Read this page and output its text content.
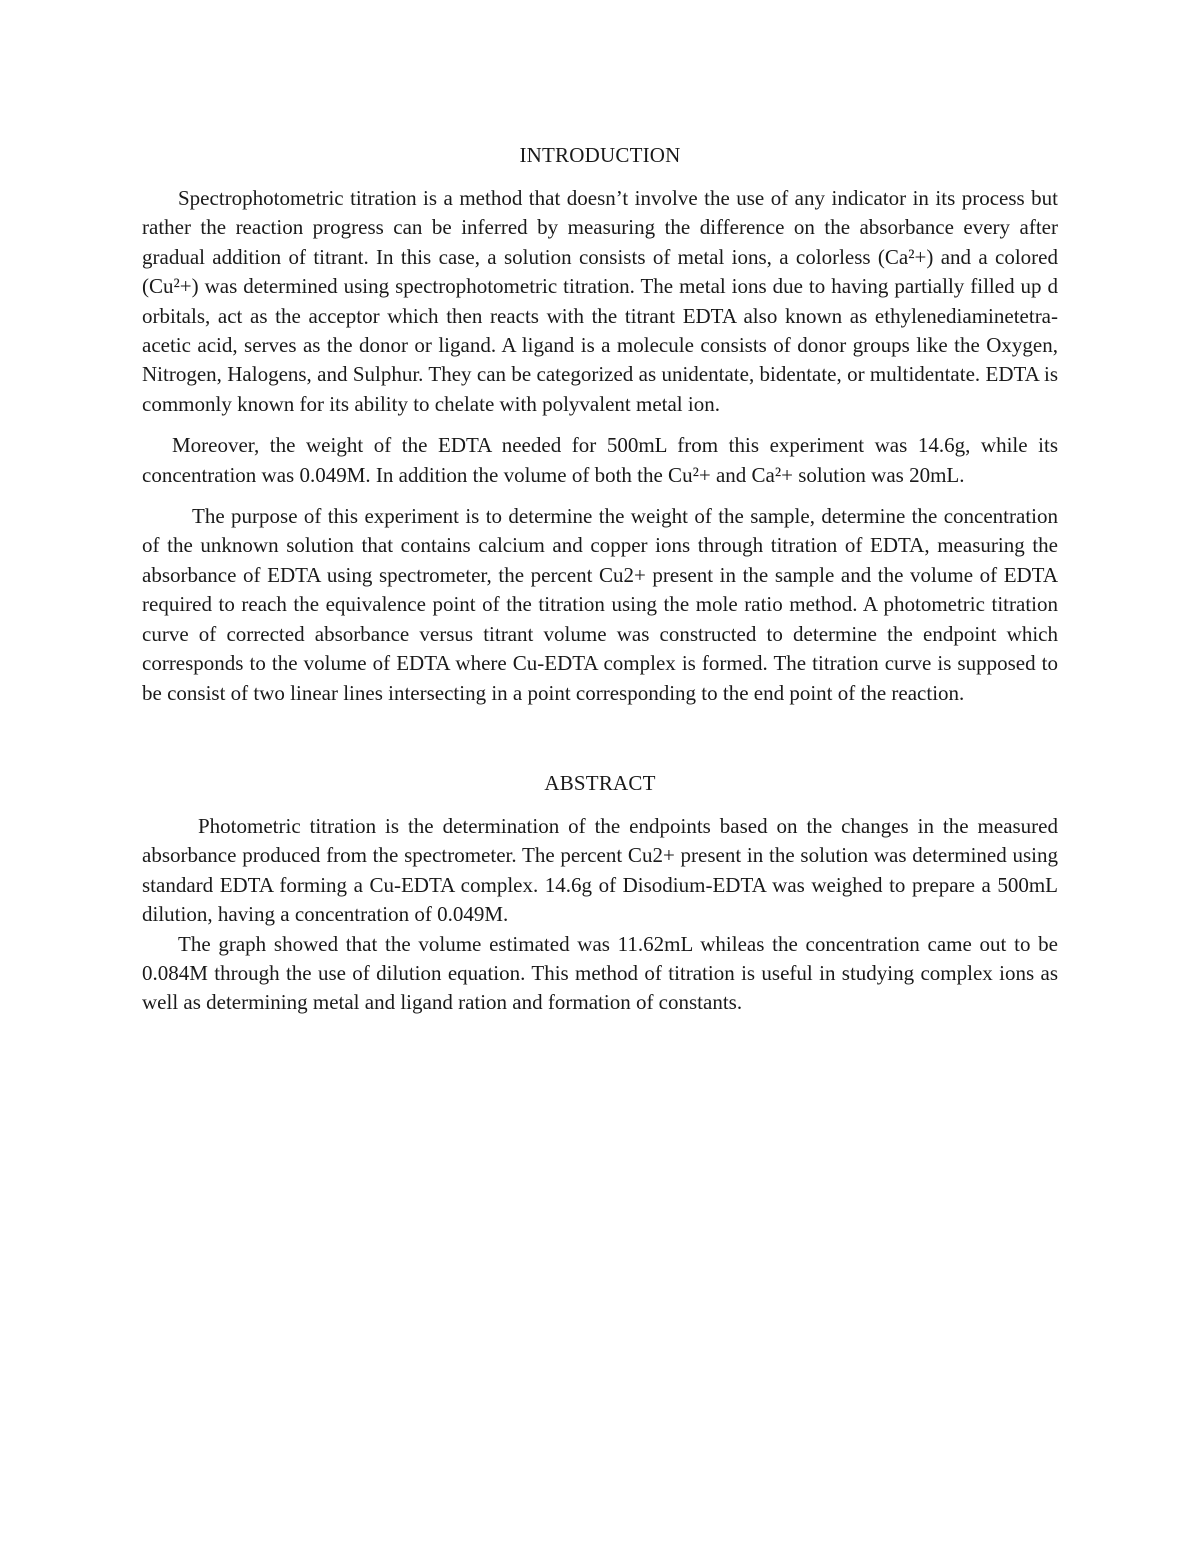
INTRODUCTION

Spectrophotometric titration is a method that doesn’t involve the use of any indicator in its process but rather the reaction progress can be inferred by measuring the difference on the absorbance every after gradual addition of titrant. In this case, a solution consists of metal ions, a colorless (Ca²+) and a colored (Cu²+) was determined using spectrophotometric titration. The metal ions due to having partially filled up d orbitals, act as the acceptor which then reacts with the titrant EDTA also known as ethylenediaminetetra-acetic acid, serves as the donor or ligand. A ligand is a molecule consists of donor groups like the Oxygen, Nitrogen, Halogens, and Sulphur. They can be categorized as unidentate, bidentate, or multidentate. EDTA is commonly known for its ability to chelate with polyvalent metal ion.

Moreover, the weight of the EDTA needed for 500mL from this experiment was 14.6g, while its concentration was 0.049M. In addition the volume of both the Cu²+ and Ca²+ solution was 20mL.

The purpose of this experiment is to determine the weight of the sample, determine the concentration of the unknown solution that contains calcium and copper ions through titration of EDTA, measuring the absorbance of EDTA using spectrometer, the percent Cu2+ present in the sample and the volume of EDTA required to reach the equivalence point of the titration using the mole ratio method. A photometric titration curve of corrected absorbance versus titrant volume was constructed to determine the endpoint which corresponds to the volume of EDTA where Cu-EDTA complex is formed. The titration curve is supposed to be consist of two linear lines intersecting in a point corresponding to the end point of the reaction.

ABSTRACT

Photometric titration is the determination of the endpoints based on the changes in the measured absorbance produced from the spectrometer. The percent Cu2+ present in the solution was determined using standard EDTA forming a Cu-EDTA complex. 14.6g of Disodium-EDTA was weighed to prepare a 500mL dilution, having a concentration of 0.049M.

The graph showed that the volume estimated was 11.62mL whileas the concentration came out to be 0.084M through the use of dilution equation. This method of titration is useful in studying complex ions as well as determining metal and ligand ration and formation of constants.
